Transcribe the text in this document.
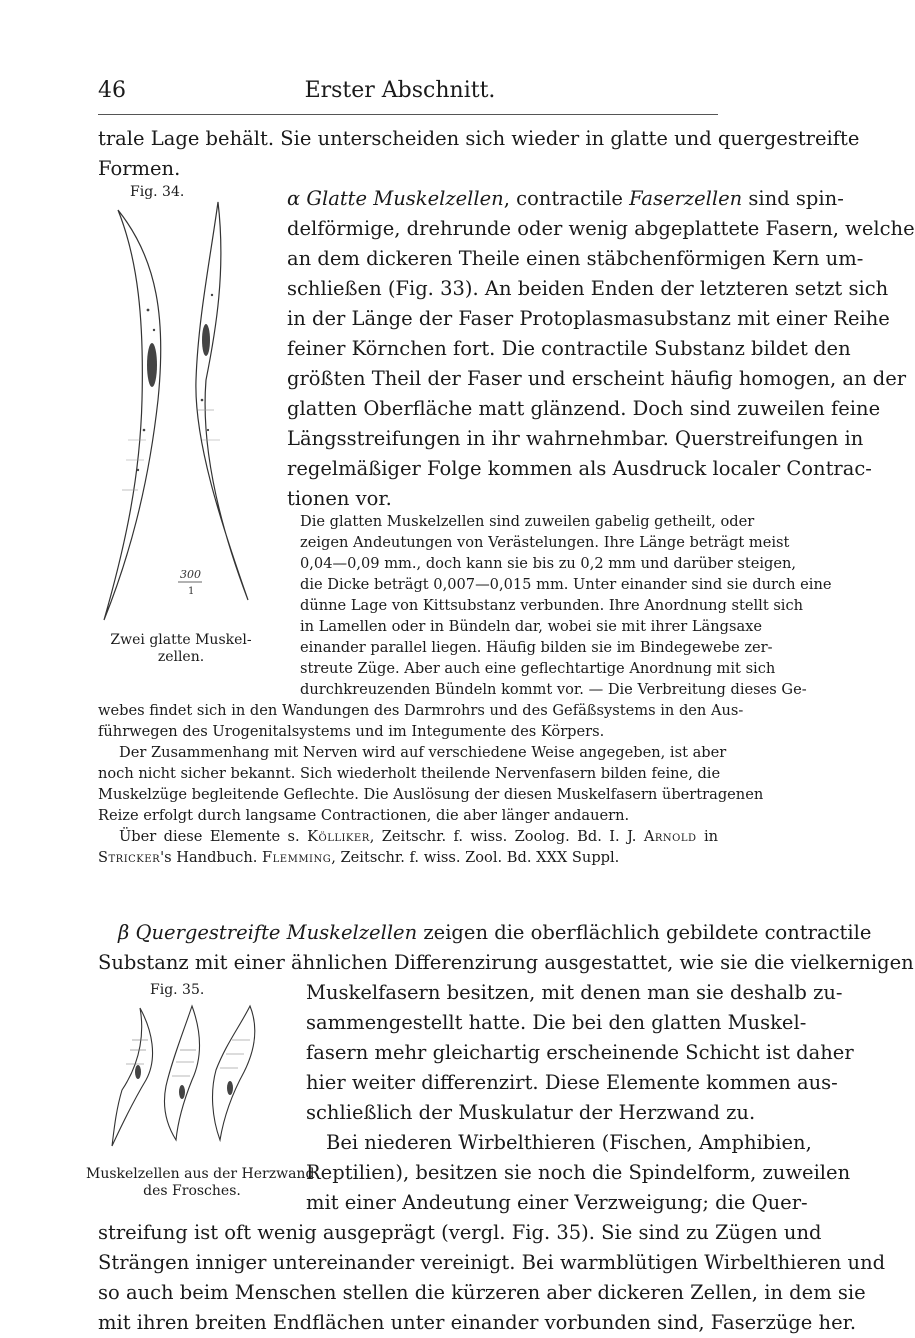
46	Erster Abschnitt.
trale Lage behält. Sie unterscheiden sich wieder in glatte und quergestreifte
Formen.
Fig. 34.
300
1
Zwei glatte Muskel-
zellen.
α Glatte Muskelzellen, contractile Faserzellen sind spin-
delförmige, drehrunde oder wenig abgeplattete Fasern, welche
an dem dickeren Theile einen stäbchenförmigen Kern um-
schließen (Fig. 33). An beiden Enden der letzteren setzt sich
in der Länge der Faser Protoplasmasubstanz mit einer Reihe
feiner Körnchen fort. Die contractile Substanz bildet den
größten Theil der Faser und erscheint häufig homogen, an der
glatten Oberfläche matt glänzend. Doch sind zuweilen feine
Längsstreifungen in ihr wahrnehmbar. Querstreifungen in
regelmäßiger Folge kommen als Ausdruck localer Contrac-
tionen vor.
Die glatten Muskelzellen sind zuweilen gabelig getheilt, oder
zeigen Andeutungen von Verästelungen. Ihre Länge beträgt meist
0,04—0,09 mm., doch kann sie bis zu 0,2 mm und darüber steigen,
die Dicke beträgt 0,007—0,015 mm. Unter einander sind sie durch eine
dünne Lage von Kittsubstanz verbunden. Ihre Anordnung stellt sich
in Lamellen oder in Bündeln dar, wobei sie mit ihrer Längsaxe
einander parallel liegen. Häufig bilden sie im Bindegewebe zer-
streute Züge. Aber auch eine geflechtartige Anordnung mit sich
durchkreuzenden Bündeln kommt vor. — Die Verbreitung dieses Ge-
webes findet sich in den Wandungen des Darmrohrs und des Gefäßsystems in den Aus-
führwegen des Urogenitalsystems und im Integumente des Körpers.
Der Zusammenhang mit Nerven wird auf verschiedene Weise angegeben, ist aber
noch nicht sicher bekannt. Sich wiederholt theilende Nervenfasern bilden feine, die
Muskelzüge begleitende Geflechte. Die Auslösung der diesen Muskelfasern übertragenen
Reize erfolgt durch langsame Contractionen, die aber länger andauern.
Über diese Elemente s. Kölliker, Zeitschr. f. wiss. Zoolog. Bd. I. J. Arnold in
Stricker's Handbuch. Flemming, Zeitschr. f. wiss. Zool. Bd. XXX Suppl.
β Quergestreifte Muskelzellen zeigen die oberflächlich gebildete contractile
Substanz mit einer ähnlichen Differenzirung ausgestattet, wie sie die vielkernigen
Fig. 35.
Muskelzellen aus der Herzwand
des Frosches.
Muskelfasern besitzen, mit denen man sie deshalb zu-
sammengestellt hatte. Die bei den glatten Muskel-
fasern mehr gleichartig erscheinende Schicht ist daher
hier weiter differenzirt. Diese Elemente kommen aus-
schließlich der Muskulatur der Herzwand zu.
Bei niederen Wirbelthieren (Fischen, Amphibien,
Reptilien), besitzen sie noch die Spindelform, zuweilen
mit einer Andeutung einer Verzweigung; die Quer-
streifung ist oft wenig ausgeprägt (vergl. Fig. 35). Sie sind zu Zügen und
Strängen inniger untereinander vereinigt. Bei warmblütigen Wirbelthieren und
so auch beim Menschen stellen die kürzeren aber dickeren Zellen, in dem sie
mit ihren breiten Endflächen unter einander vorbunden sind, Faserzüge her.
